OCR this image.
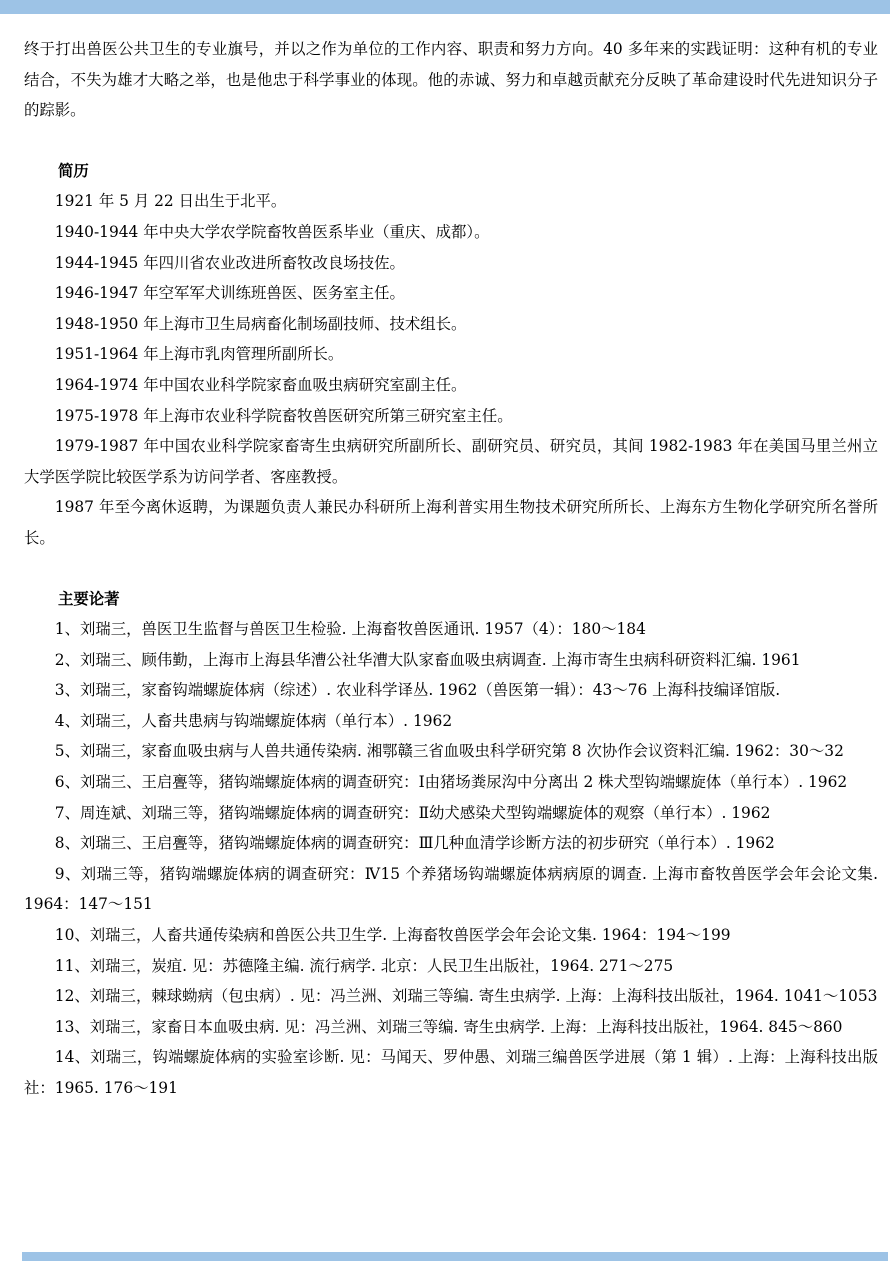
终于打出兽医公共卫生的专业旗号，并以之作为单位的工作内容、职责和努力方向。40 多年来的实践证明：这种有机的专业结合，不失为雄才大略之举，也是他忠于科学事业的体现。他的赤诚、努力和卓越贡献充分反映了革命建设时代先进知识分子的踪影。

简历

1921 年 5 月 22 日出生于北平。

1940-1944 年中央大学农学院畜牧兽医系毕业（重庆、成都）。

1944-1945 年四川省农业改进所畜牧改良场技佐。

1946-1947 年空军军犬训练班兽医、医务室主任。

1948-1950 年上海市卫生局病畜化制场副技师、技术组长。

1951-1964 年上海市乳肉管理所副所长。

1964-1974 年中国农业科学院家畜血吸虫病研究室副主任。

1975-1978 年上海市农业科学院畜牧兽医研究所第三研究室主任。

1979-1987 年中国农业科学院家畜寄生虫病研究所副所长、副研究员、研究员，其间 1982-1983 年在美国马里兰州立大学医学院比较医学系为访问学者、客座教授。

1987 年至今离休返聘，为课题负责人兼民办科研所上海利普实用生物技术研究所所长、上海东方生物化学研究所名誉所长。

主要论著

1、刘瑞三，兽医卫生监督与兽医卫生检验. 上海畜牧兽医通讯. 1957（4）：180～184

2、刘瑞三、顾伟勤，上海市上海县华漕公社华漕大队家畜血吸虫病调查. 上海市寄生虫病科研资料汇编. 1961

3、刘瑞三，家畜钩端螺旋体病（综述）. 农业科学译丛. 1962（兽医第一辑）：43～76 上海科技编译馆版.

4、刘瑞三，人畜共患病与钩端螺旋体病（单行本）. 1962

5、刘瑞三，家畜血吸虫病与人兽共通传染病. 湘鄂赣三省血吸虫科学研究第 8 次协作会议资料汇编. 1962：30～32

6、刘瑞三、王启亹等，猪钩端螺旋体病的调查研究：Ⅰ由猪场粪尿沟中分离出 2 株犬型钩端螺旋体（单行本）. 1962

7、周连斌、刘瑞三等，猪钩端螺旋体病的调查研究：Ⅱ幼犬感染犬型钩端螺旋体的观察（单行本）. 1962

8、刘瑞三、王启亹等，猪钩端螺旋体病的调查研究：Ⅲ几种血清学诊断方法的初步研究（单行本）. 1962

9、刘瑞三等，猪钩端螺旋体病的调查研究：Ⅳ15 个养猪场钩端螺旋体病病原的调查. 上海市畜牧兽医学会年会论文集. 1964：147～151

10、刘瑞三，人畜共通传染病和兽医公共卫生学. 上海畜牧兽医学会年会论文集. 1964：194～199

11、刘瑞三，炭疽. 见：苏德隆主编. 流行病学. 北京：人民卫生出版社，1964. 271～275

12、刘瑞三，棘球蚴病（包虫病）. 见：冯兰洲、刘瑞三等编. 寄生虫病学. 上海：上海科技出版社，1964. 1041～1053

13、刘瑞三，家畜日本血吸虫病. 见：冯兰洲、刘瑞三等编. 寄生虫病学. 上海：上海科技出版社，1964. 845～860

14、刘瑞三，钩端螺旋体病的实验室诊断. 见：马闻天、罗仲愚、刘瑞三编兽医学进展（第 1 辑）. 上海：上海科技出版社：1965. 176～191
